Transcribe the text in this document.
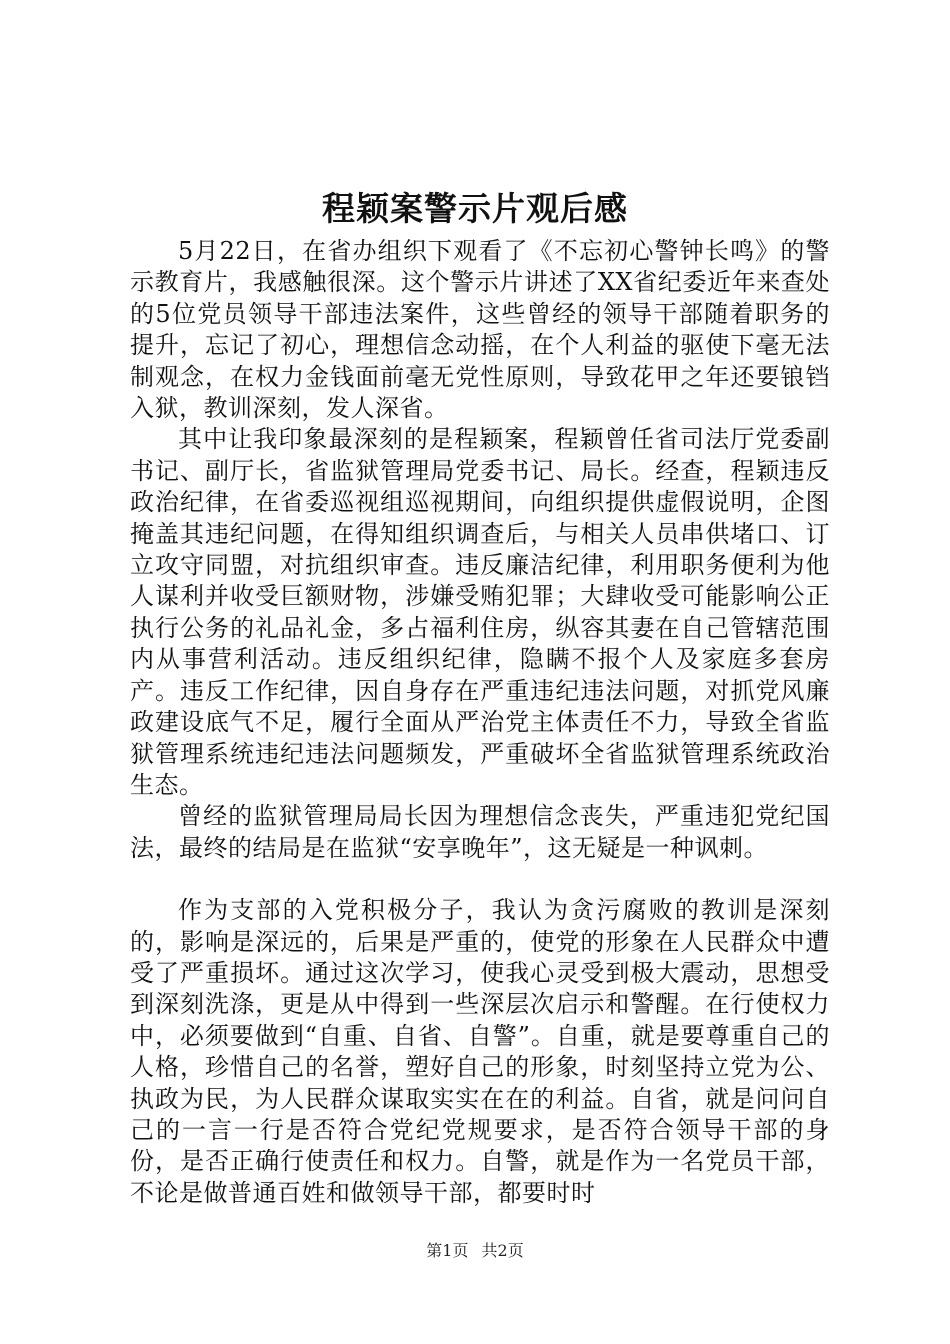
程颖案警示片观后感

5月22日，在省办组织下观看了《不忘初心警钟长鸣》的警示教育片，我感触很深。这个警示片讲述了XX省纪委近年来查处的5位党员领导干部违法案件，这些曾经的领导干部随着职务的提升，忘记了初心，理想信念动摇，在个人利益的驱使下毫无法制观念，在权力金钱面前毫无党性原则，导致花甲之年还要锒铛入狱，教训深刻，发人深省。

其中让我印象最深刻的是程颖案，程颖曾任省司法厅党委副书记、副厅长，省监狱管理局党委书记、局长。经查，程颖违反政治纪律，在省委巡视组巡视期间，向组织提供虚假说明，企图掩盖其违纪问题，在得知组织调查后，与相关人员串供堵口、订立攻守同盟，对抗组织审查。违反廉洁纪律，利用职务便利为他人谋利并收受巨额财物，涉嫌受贿犯罪；大肆收受可能影响公正执行公务的礼品礼金，多占福利住房，纵容其妻在自己管辖范围内从事营利活动。违反组织纪律，隐瞒不报个人及家庭多套房产。违反工作纪律，因自身存在严重违纪违法问题，对抓党风廉政建设底气不足，履行全面从严治党主体责任不力，导致全省监狱管理系统违纪违法问题频发，严重破坏全省监狱管理系统政治生态。

曾经的监狱管理局局长因为理想信念丧失，严重违犯党纪国法，最终的结局是在监狱“安享晚年”，这无疑是一种讽刺。

作为支部的入党积极分子，我认为贪污腐败的教训是深刻的，影响是深远的，后果是严重的，使党的形象在人民群众中遭受了严重损坏。通过这次学习，使我心灵受到极大震动，思想受到深刻洗涤，更是从中得到一些深层次启示和警醒。在行使权力中，必须要做到“自重、自省、自警”。自重，就是要尊重自己的人格，珍惜自己的名誉，塑好自己的形象，时刻坚持立党为公、执政为民，为人民群众谋取实实在在的利益。自省，就是问问自己的一言一行是否符合党纪党规要求，是否符合领导干部的身份，是否正确行使责任和权力。自警，就是作为一名党员干部，不论是做普通百姓和做领导干部，都要时时

第1页 共2页
